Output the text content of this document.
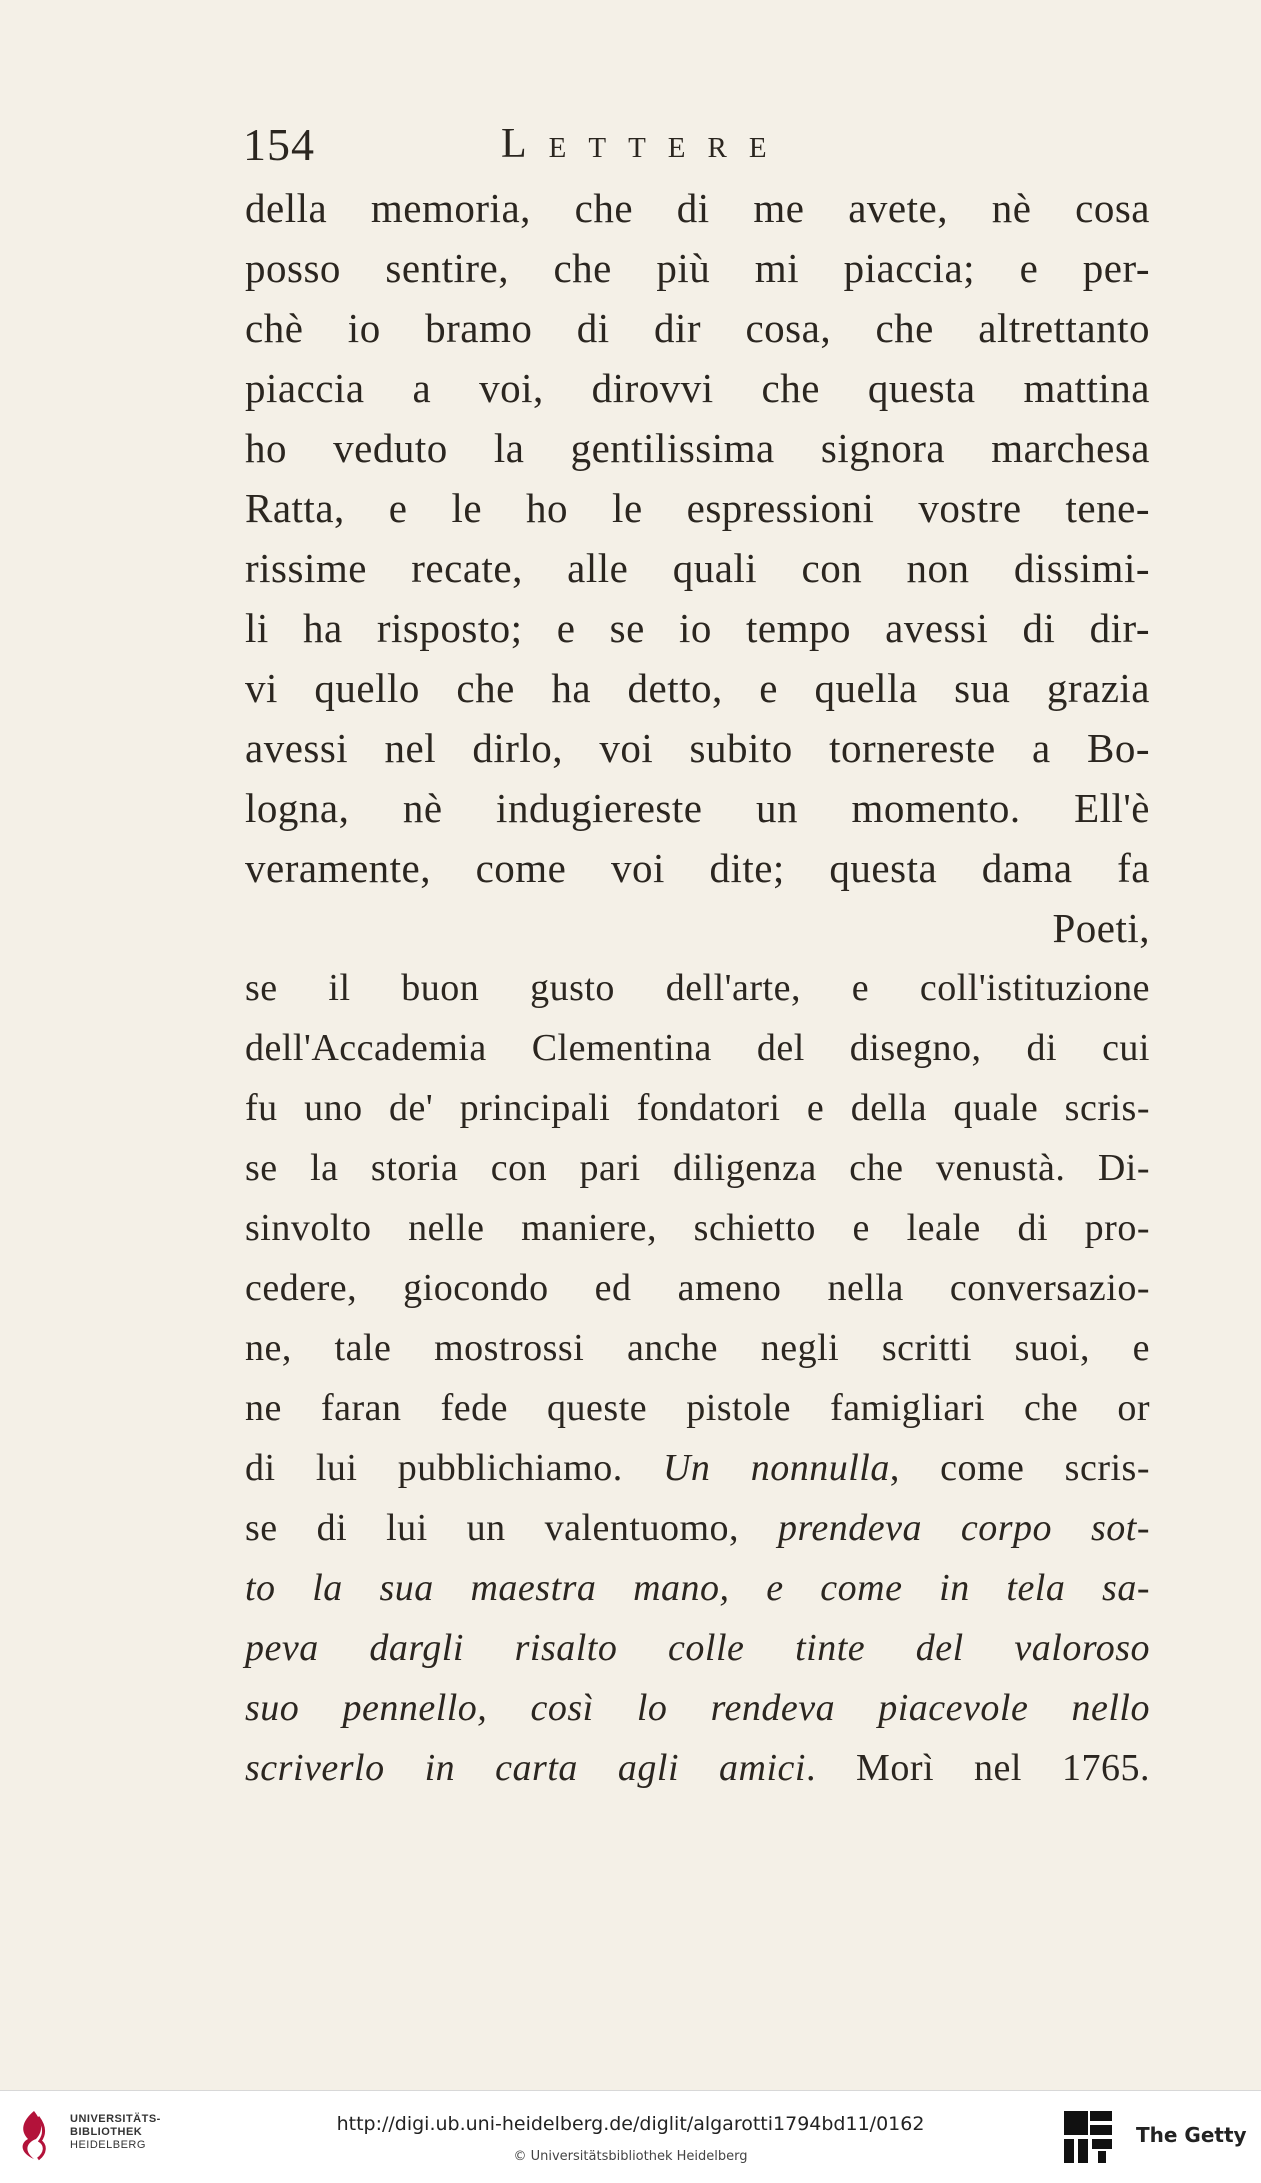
154	Lettere
della memoria, che di me avete, nè cosa
posso sentire, che più mi piaccia; e per-
chè io bramo di dir cosa, che altrettanto
piaccia a voi, dirovvi che questa mattina
ho veduto la gentilissima signora marchesa
Ratta, e le ho le espressioni vostre tene-
rissime recate, alle quali con non dissimi-
li ha risposto; e se io tempo avessi di dir-
vi quello che ha detto, e quella sua grazia
avessi nel dirlo, voi subito tornereste a Bo-
logna, nè indugiereste un momento. Ell'è
veramente, come voi dite; questa dama fa
Poeti,
se il buon gusto dell'arte, e coll'istituzione
dell'Accademia Clementina del disegno, di cui
fu uno de' principali fondatori e della quale scris-
se la storia con pari diligenza che venustà. Di-
sinvolto nelle maniere, schietto e leale di pro-
cedere, giocondo ed ameno nella conversazio-
ne, tale mostrossi anche negli scritti suoi, e
ne faran fede queste pistole famigliari che or
di lui pubblichiamo. Un nonnulla, come scris-
se di lui un valentuomo, prendeva corpo sot-
to la sua maestra mano, e come in tela sa-
peva dargli risalto colle tinte del valoroso
suo pennello, così lo rendeva piacevole nello
scriverlo in carta agli amici. Morì nel 1765.
UNIVERSITÄTS-
BIBLIOTHEK
HEIDELBERG
http://digi.ub.uni-heidelberg.de/diglit/algarotti1794bd11/0162
© Universitätsbibliothek Heidelberg
The Getty
